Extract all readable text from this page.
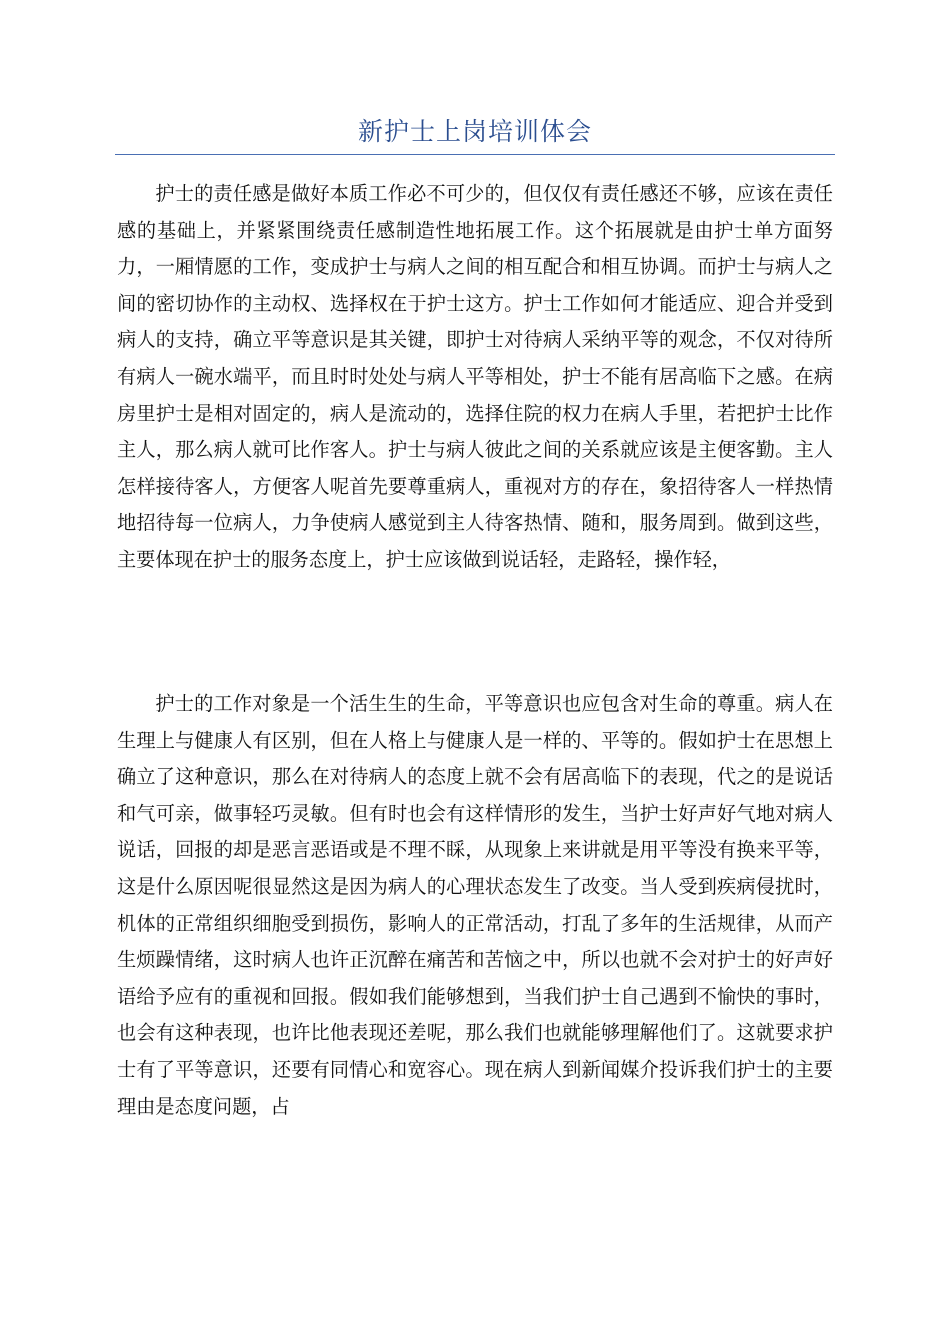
新护士上岗培训体会

护士的责任感是做好本质工作必不可少的，但仅仅有责任感还不够，应该在责任感的基础上，并紧紧围绕责任感制造性地拓展工作。这个拓展就是由护士单方面努力，一厢情愿的工作，变成护士与病人之间的相互配合和相互协调。而护士与病人之间的密切协作的主动权、选择权在于护士这方。护士工作如何才能适应、迎合并受到病人的支持，确立平等意识是其关键，即护士对待病人采纳平等的观念，不仅对待所有病人一碗水端平，而且时时处处与病人平等相处，护士不能有居高临下之感。在病房里护士是相对固定的，病人是流动的，选择住院的权力在病人手里，若把护士比作主人，那么病人就可比作客人。护士与病人彼此之间的关系就应该是主便客勤。主人怎样接待客人，方便客人呢首先要尊重病人，重视对方的存在，象招待客人一样热情地招待每一位病人，力争使病人感觉到主人待客热情、随和，服务周到。做到这些，主要体现在护士的服务态度上，护士应该做到说话轻，走路轻，操作轻，

护士的工作对象是一个活生生的生命，平等意识也应包含对生命的尊重。病人在生理上与健康人有区别，但在人格上与健康人是一样的、平等的。假如护士在思想上确立了这种意识，那么在对待病人的态度上就不会有居高临下的表现，代之的是说话和气可亲，做事轻巧灵敏。但有时也会有这样情形的发生，当护士好声好气地对病人说话，回报的却是恶言恶语或是不理不睬，从现象上来讲就是用平等没有换来平等，这是什么原因呢很显然这是因为病人的心理状态发生了改变。当人受到疾病侵扰时，机体的正常组织细胞受到损伤，影响人的正常活动，打乱了多年的生活规律，从而产生烦躁情绪，这时病人也许正沉醉在痛苦和苦恼之中，所以也就不会对护士的好声好语给予应有的重视和回报。假如我们能够想到，当我们护士自己遇到不愉快的事时，也会有这种表现，也许比他表现还差呢，那么我们也就能够理解他们了。这就要求护士有了平等意识，还要有同情心和宽容心。现在病人到新闻媒介投诉我们护士的主要理由是态度问题，占
